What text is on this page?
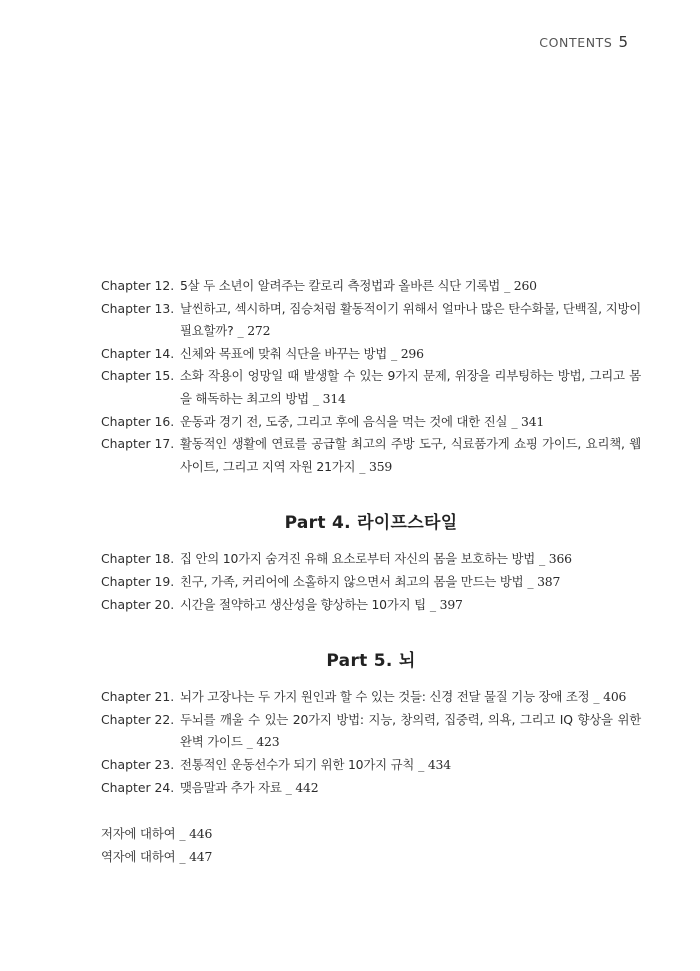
CONTENTS 5
Chapter 12. 5살 두 소년이 알려주는 칼로리 측정법과 올바른 식단 기록법 _ 260
Chapter 13. 날씬하고, 섹시하며, 짐승처럼 활동적이기 위해서 얼마나 많은 탄수화물, 단백질, 지방이 필요할까? _ 272
Chapter 14. 신체와 목표에 맞춰 식단을 바꾸는 방법 _ 296
Chapter 15. 소화 작용이 엉망일 때 발생할 수 있는 9가지 문제, 위장을 리부팅하는 방법, 그리고 몸을 해독하는 최고의 방법 _ 314
Chapter 16. 운동과 경기 전, 도중, 그리고 후에 음식을 먹는 것에 대한 진실 _ 341
Chapter 17. 활동적인 생활에 연료를 공급할 최고의 주방 도구, 식료품가게 쇼핑 가이드, 요리책, 웹사이트, 그리고 지역 자원 21가지 _ 359
Part 4. 라이프스타일
Chapter 18. 집 안의 10가지 숨겨진 유해 요소로부터 자신의 몸을 보호하는 방법 _ 366
Chapter 19. 친구, 가족, 커리어에 소홀하지 않으면서 최고의 몸을 만드는 방법 _ 387
Chapter 20. 시간을 절약하고 생산성을 향상하는 10가지 팁 _ 397
Part 5. 뇌
Chapter 21. 뇌가 고장나는 두 가지 원인과 할 수 있는 것들: 신경 전달 물질 기능 장애 조정 _ 406
Chapter 22. 두뇌를 깨울 수 있는 20가지 방법: 지능, 창의력, 집중력, 의욕, 그리고 IQ 향상을 위한 완벽 가이드 _ 423
Chapter 23. 전통적인 운동선수가 되기 위한 10가지 규칙 _ 434
Chapter 24. 맺음말과 추가 자료 _ 442
저자에 대하여 _ 446
역자에 대하여 _ 447
